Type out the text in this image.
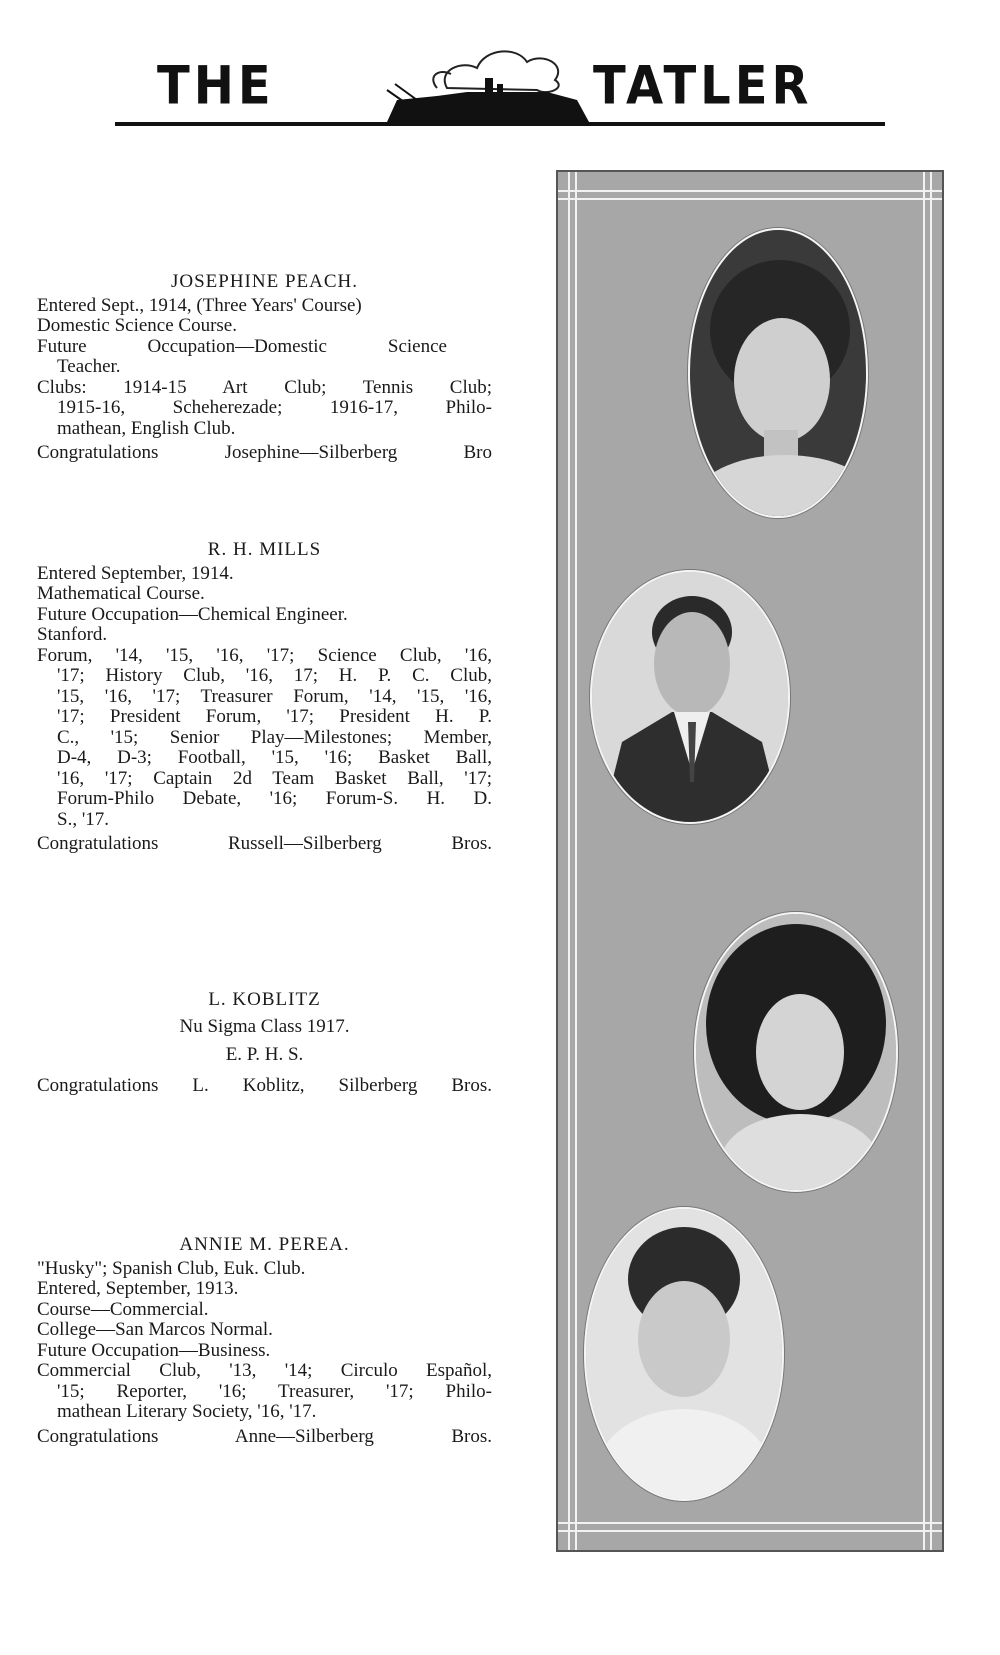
THE	TATLER
JOSEPHINE PEACH.
Entered Sept., 1914, (Three Years' Course)
Domestic Science Course.
Future Occupation—Domestic Science
Teacher.
Clubs: 1914-15 Art Club; Tennis Club;
1915-16, Scheherezade; 1916-17, Philo-
mathean, English Club.
Congratulations Josephine—Silberberg Bro
R. H. MILLS
Entered September, 1914.
Mathematical Course.
Future Occupation—Chemical Engineer.
Stanford.
Forum, '14, '15, '16, '17; Science Club, '16,
'17; History Club, '16, 17; H. P. C. Club,
'15, '16, '17; Treasurer Forum, '14, '15, '16,
'17; President Forum, '17; President H. P.
C., '15; Senior Play—Milestones; Member,
D-4, D-3; Football, '15, '16; Basket Ball,
'16, '17; Captain 2d Team Basket Ball, '17;
Forum-Philo Debate, '16; Forum-S. H. D.
S., '17.
Congratulations Russell—Silberberg Bros.
L. KOBLITZ
Nu Sigma Class 1917.
E. P. H. S.
Congratulations L. Koblitz, Silberberg Bros.
ANNIE M. PEREA.
"Husky"; Spanish Club, Euk. Club.
Entered, September, 1913.
Course—Commercial.
College—San Marcos Normal.
Future Occupation—Business.
Commercial Club, '13, '14; Circulo Español,
'15; Reporter, '16; Treasurer, '17; Philo-
mathean Literary Society, '16, '17.
Congratulations Anne—Silberberg Bros.
